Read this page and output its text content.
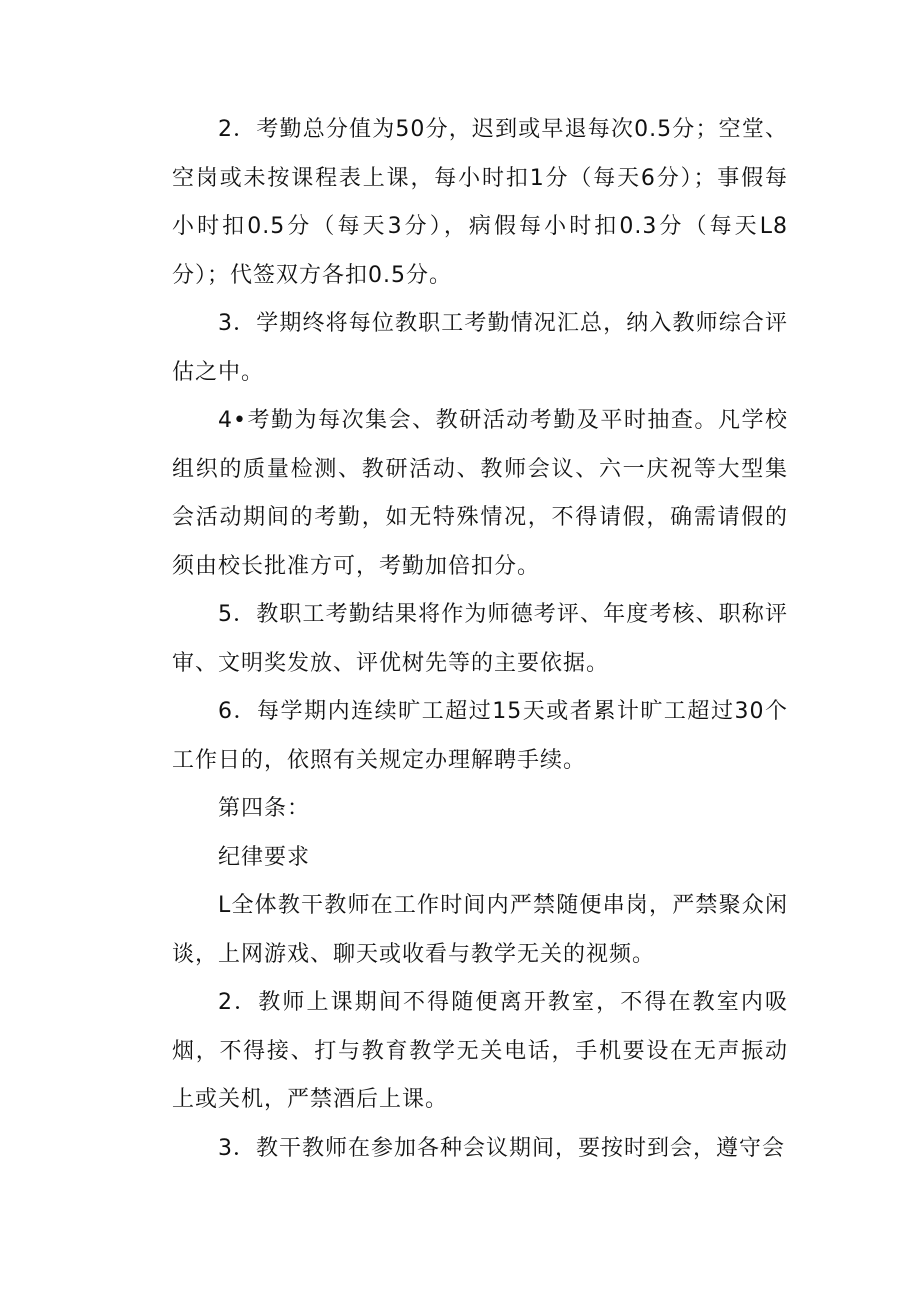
2．考勤总分值为50分，迟到或早退每次0.5分；空堂、空岗或未按课程表上课，每小时扣1分（每天6分）；事假每小时扣0.5分（每天3分），病假每小时扣0.3分（每天L8分）；代签双方各扣0.5分。

3．学期终将每位教职工考勤情况汇总，纳入教师综合评估之中。

4•考勤为每次集会、教研活动考勤及平时抽查。凡学校组织的质量检测、教研活动、教师会议、六一庆祝等大型集会活动期间的考勤，如无特殊情况，不得请假，确需请假的须由校长批准方可，考勤加倍扣分。

5．教职工考勤结果将作为师德考评、年度考核、职称评审、文明奖发放、评优树先等的主要依据。

6．每学期内连续旷工超过15天或者累计旷工超过30个工作日的，依照有关规定办理解聘手续。

第四条：

纪律要求

L全体教干教师在工作时间内严禁随便串岗，严禁聚众闲谈，上网游戏、聊天或收看与教学无关的视频。

2．教师上课期间不得随便离开教室，不得在教室内吸烟，不得接、打与教育教学无关电话，手机要设在无声振动上或关机，严禁酒后上课。

3．教干教师在参加各种会议期间，要按时到会，遵守会
